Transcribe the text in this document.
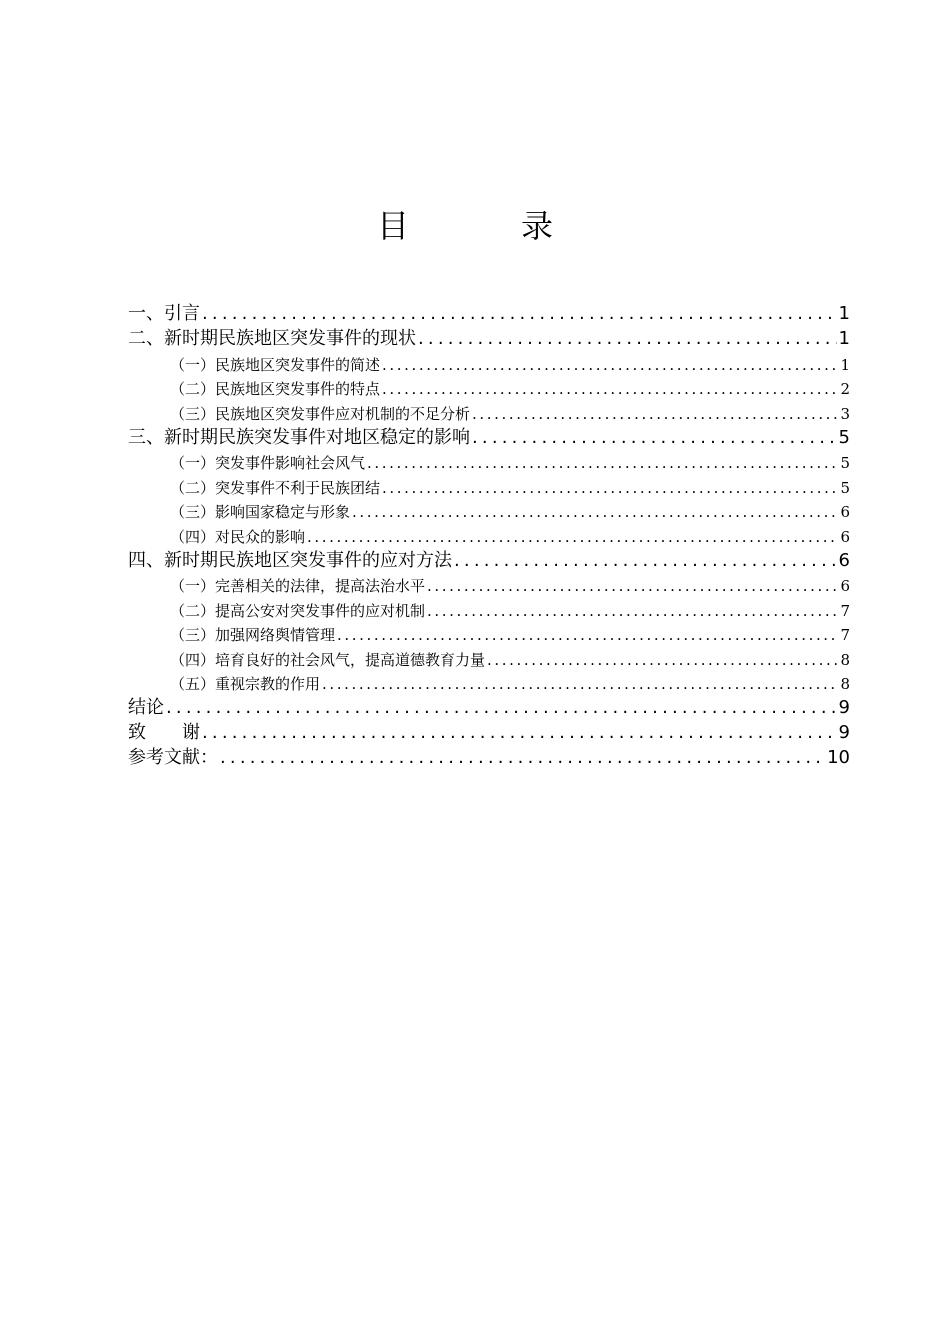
目　录
一、引言 .....	1
二、新时期民族地区突发事件的现状 .....	1
（一）民族地区突发事件的简述 .....	1
（二）民族地区突发事件的特点 .....	2
（三）民族地区突发事件应对机制的不足分析 .....	3
三、新时期民族突发事件对地区稳定的影响 .....	5
（一）突发事件影响社会风气 .....	5
（二）突发事件不利于民族团结 .....	5
（三）影响国家稳定与形象 .....	6
（四）对民众的影响 .....	6
四、新时期民族地区突发事件的应对方法 .....	6
（一）完善相关的法律，提高法治水平 .....	6
（二）提高公安对突发事件的应对机制 .....	7
（三）加强网络舆情管理 .....	7
（四）培育良好的社会风气，提高道德教育力量 .....	8
（五）重视宗教的作用 .....	8
结论 .....	9
致　　谢 .....	9
参考文献： .....	10
